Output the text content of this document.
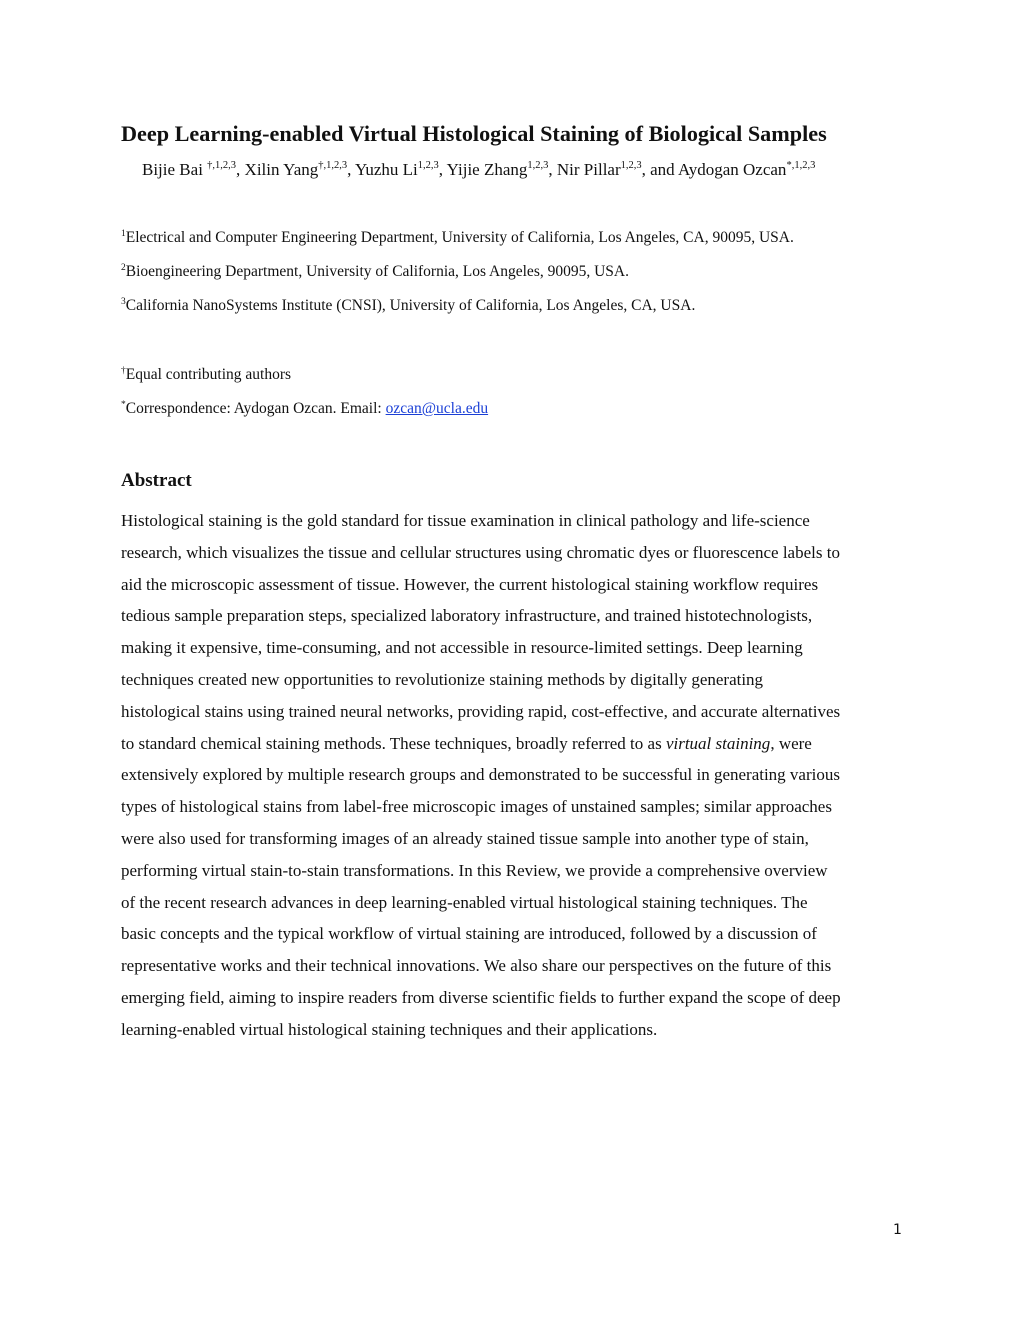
Deep Learning-enabled Virtual Histological Staining of Biological Samples

Bijie Bai $^{\dagger,1,2,3}$, Xilin Yang$^{\dagger,1,2,3}$, Yuzhu Li$^{1,2,3}$, Yijie Zhang$^{1,2,3}$, Nir Pillar$^{1,2,3}$, and Aydogan Ozcan$^{*,1,2,3}$

$^1$Electrical and Computer Engineering Department, University of California, Los Angeles, CA, 90095, USA.

$^2$Bioengineering Department, University of California, Los Angeles, 90095, USA.

$^3$California NanoSystems Institute (CNSI), University of California, Los Angeles, CA, USA.

†Equal contributing authors

*Correspondence: Aydogan Ozcan. Email: ozcan@ucla.edu

Abstract
Histological staining is the gold standard for tissue examination in clinical pathology and life-science
research, which visualizes the tissue and cellular structures using chromatic dyes or fluorescence labels to
aid the microscopic assessment of tissue. However, the current histological staining workflow requires
tedious sample preparation steps, specialized laboratory infrastructure, and trained histotechnologists,
making it expensive, time-consuming, and not accessible in resource-limited settings. Deep learning
techniques created new opportunities to revolutionize staining methods by digitally generating
histological stains using trained neural networks, providing rapid, cost-effective, and accurate alternatives
to standard chemical staining methods. These techniques, broadly referred to as virtual staining, were
extensively explored by multiple research groups and demonstrated to be successful in generating various
types of histological stains from label-free microscopic images of unstained samples; similar approaches
were also used for transforming images of an already stained tissue sample into another type of stain,
performing virtual stain-to-stain transformations. In this Review, we provide a comprehensive overview
of the recent research advances in deep learning-enabled virtual histological staining techniques. The
basic concepts and the typical workflow of virtual staining are introduced, followed by a discussion of
representative works and their technical innovations. We also share our perspectives on the future of this
emerging field, aiming to inspire readers from diverse scientific fields to further expand the scope of deep
learning-enabled virtual histological staining techniques and their applications.

1
